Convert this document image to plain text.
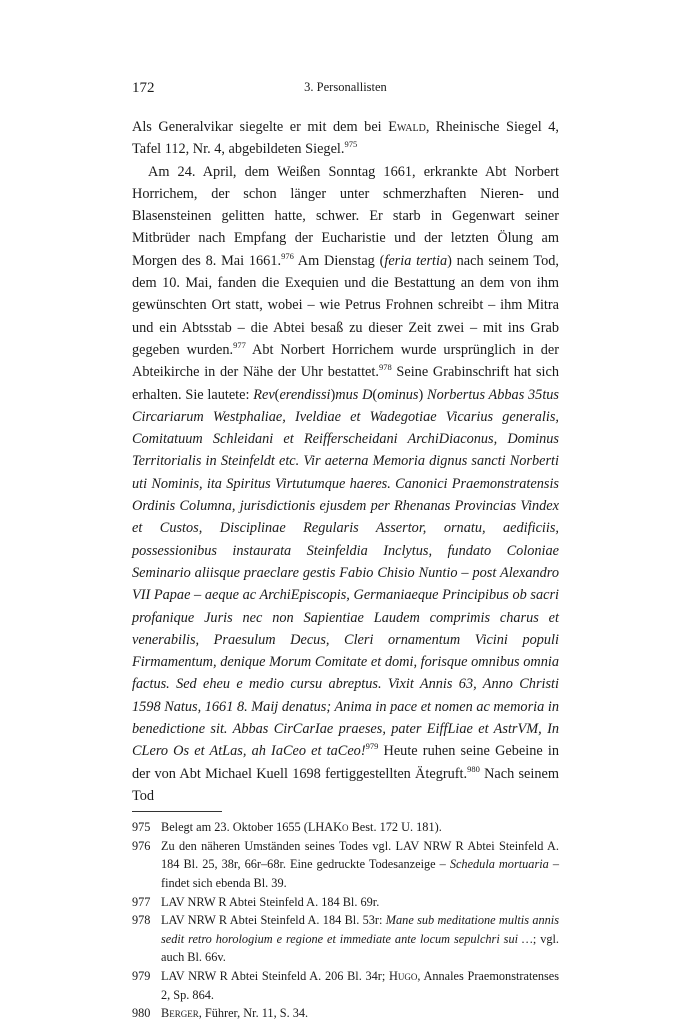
172	3. Personallisten

Als Generalvikar siegelte er mit dem bei Ewald, Rheinische Siegel 4, Tafel 112, Nr. 4, abgebildeten Siegel.$^{975}$

Am 24. April, dem Weißen Sonntag 1661, erkrankte Abt Norbert Horrichem, der schon länger unter schmerzhaften Nieren- und Blasensteinen gelitten hatte, schwer. Er starb in Gegenwart seiner Mitbrüder nach Empfang der Eucharistie und der letzten Ölung am Morgen des 8. Mai 1661.$^{976}$ Am Dienstag (feria tertia) nach seinem Tod, dem 10. Mai, fanden die Exequien und die Bestattung an dem von ihm gewünschten Ort statt, wobei – wie Petrus Frohnen schreibt – ihm Mitra und ein Abtsstab – die Abtei besaß zu dieser Zeit zwei – mit ins Grab gegeben wurden.$^{977}$ Abt Norbert Horrichem wurde ursprünglich in der Abteikirche in der Nähe der Uhr bestattet.$^{978}$ Seine Grabinschrift hat sich erhalten. Sie lautete: Rev(erendissi)mus D(ominus) Norbertus Abbas 35tus Circariarum Westphaliae, Iveldiae et Wadegotiae Vicarius generalis, Comitatuum Schleidani et Reifferscheidani ArchiDiaconus, Dominus Territorialis in Steinfeldt etc. Vir aeterna Memoria dignus sancti Norberti uti Nominis, ita Spiritus Virtutumque haeres. Canonici Praemonstratensis Ordinis Columna, jurisdictionis ejusdem per Rhenanas Provincias Vindex et Custos, Disciplinae Regularis Assertor, ornatu, aedificiis, possessionibus instaurata Steinfeldia Inclytus, fundato Coloniae Seminario aliisque praeclare gestis Fabio Chisio Nuntio – post Alexandro VII Papae – aeque ac ArchiEpiscopis, Germaniaeque Principibus ob sacri profanique Juris nec non Sapientiae Laudem comprimis charus et venerabilis, Praesulum Decus, Cleri ornamentum Vicini populi Firmamentum, denique Morum Comitate et domi, forisque omnibus omnia factus. Sed eheu e medio cursu abreptus. Vixit Annis 63, Anno Christi 1598 Natus, 1661 8. Maij denatus; Anima in pace et nomen ac memoria in benedictione sit. Abbas CirCarIae praeses, pater EiffLiae et AstrVM, In CLero Os et AtLas, ah IaCeo et taCeo!$^{979}$ Heute ruhen seine Gebeine in der von Abt Michael Kuell 1698 fertiggestellten Ätegruft.$^{980}$ Nach seinem Tod

975 Belegt am 23. Oktober 1655 (LHAKo Best. 172 U. 181).
976 Zu den näheren Umständen seines Todes vgl. LAV NRW R Abtei Steinfeld A. 184 Bl. 25, 38r, 66r–68r. Eine gedruckte Todesanzeige – Schedula mortuaria – findet sich ebenda Bl. 39.
977 LAV NRW R Abtei Steinfeld A. 184 Bl. 69r.
978 LAV NRW R Abtei Steinfeld A. 184 Bl. 53r: Mane sub meditatione multis annis sedit retro horologium e regione et immediate ante locum sepulchri sui …; vgl. auch Bl. 66v.
979 LAV NRW R Abtei Steinfeld A. 206 Bl. 34r; Hugo, Annales Praemonstratenses 2, Sp. 864.
980 Berger, Führer, Nr. 11, S. 34.
